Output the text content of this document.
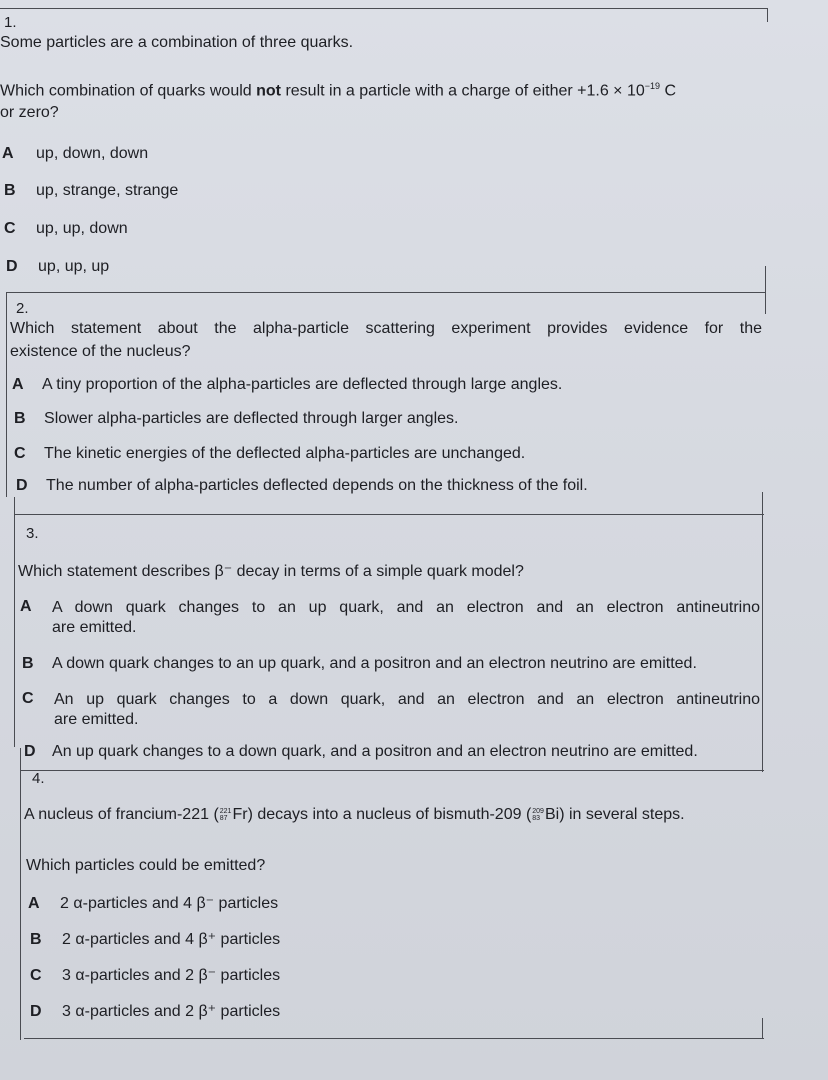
1.
Some particles are a combination of three quarks.
Which combination of quarks would not result in a particle with a charge of either $+1.6 \times 10^{-19}$ C
or zero?
A up, down, down
B up, strange, strange
C up, up, down
D up, up, up
2.
Which statement about the alpha-particle scattering experiment provides evidence for the
existence of the nucleus?
A A tiny proportion of the alpha-particles are deflected through large angles.
B Slower alpha-particles are deflected through larger angles.
C The kinetic energies of the deflected alpha-particles are unchanged.
D The number of alpha-particles deflected depends on the thickness of the foil.
3.
Which statement describes β⁻ decay in terms of a simple quark model?
A A down quark changes to an up quark, and an electron and an electron antineutrino
are emitted.
B A down quark changes to an up quark, and a positron and an electron neutrino are emitted.
C An up quark changes to a down quark, and an electron and an electron antineutrino
are emitted.
D An up quark changes to a down quark, and a positron and an electron neutrino are emitted.
4.
A nucleus of francium-221 ( 221
87 Fr) decays into a nucleus of bismuth-209 ( 209
83 Bi) in several steps.
Which particles could be emitted?
A 2 α-particles and 4 β⁻ particles
B 2 α-particles and 4 β⁺ particles
C 3 α-particles and 2 β⁻ particles
D 3 α-particles and 2 β⁺ particles
